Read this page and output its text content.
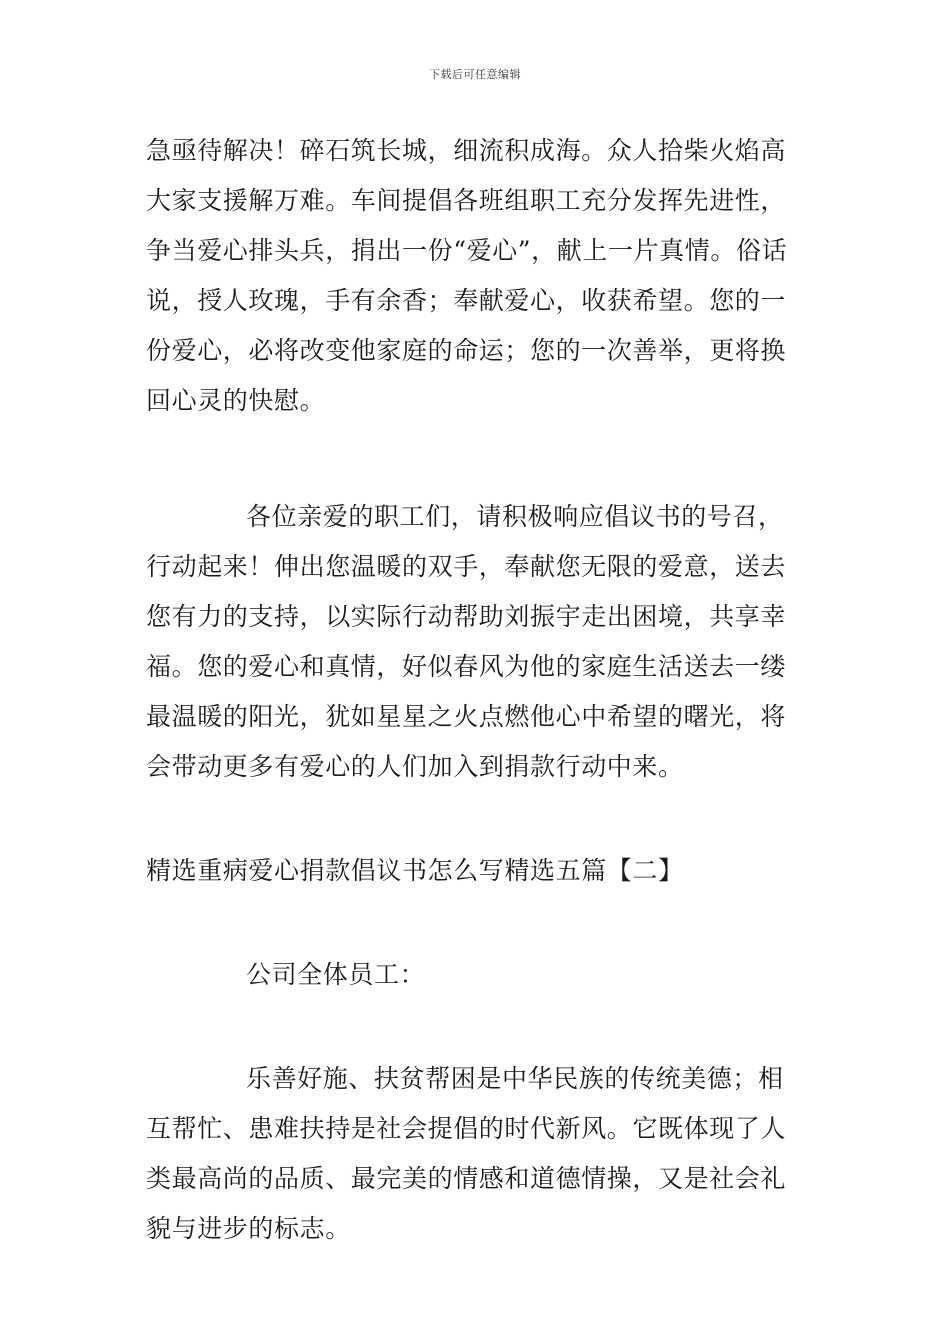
下载后可任意编辑

急亟待解决！碎石筑长城，细流积成海。众人拾柴火焰高大家支援解万难。车间提倡各班组职工充分发挥先进性，争当爱心排头兵，捐出一份“爱心”，献上一片真情。俗话说，授人玫瑰，手有余香；奉献爱心，收获希望。您的一份爱心，必将改变他家庭的命运；您的一次善举，更将换回心灵的快慰。

各位亲爱的职工们，请积极响应倡议书的号召，行动起来！伸出您温暖的双手，奉献您无限的爱意，送去您有力的支持，以实际行动帮助刘振宇走出困境，共享幸福。您的爱心和真情，好似春风为他的家庭生活送去一缕最温暖的阳光，犹如星星之火点燃他心中希望的曙光，将会带动更多有爱心的人们加入到捐款行动中来。

精选重病爱心捐款倡议书怎么写精选五篇【二】

公司全体员工：

乐善好施、扶贫帮困是中华民族的传统美德；相互帮忙、患难扶持是社会提倡的时代新风。它既体现了人类最高尚的品质、最完美的情感和道德情操，又是社会礼貌与进步的标志。
